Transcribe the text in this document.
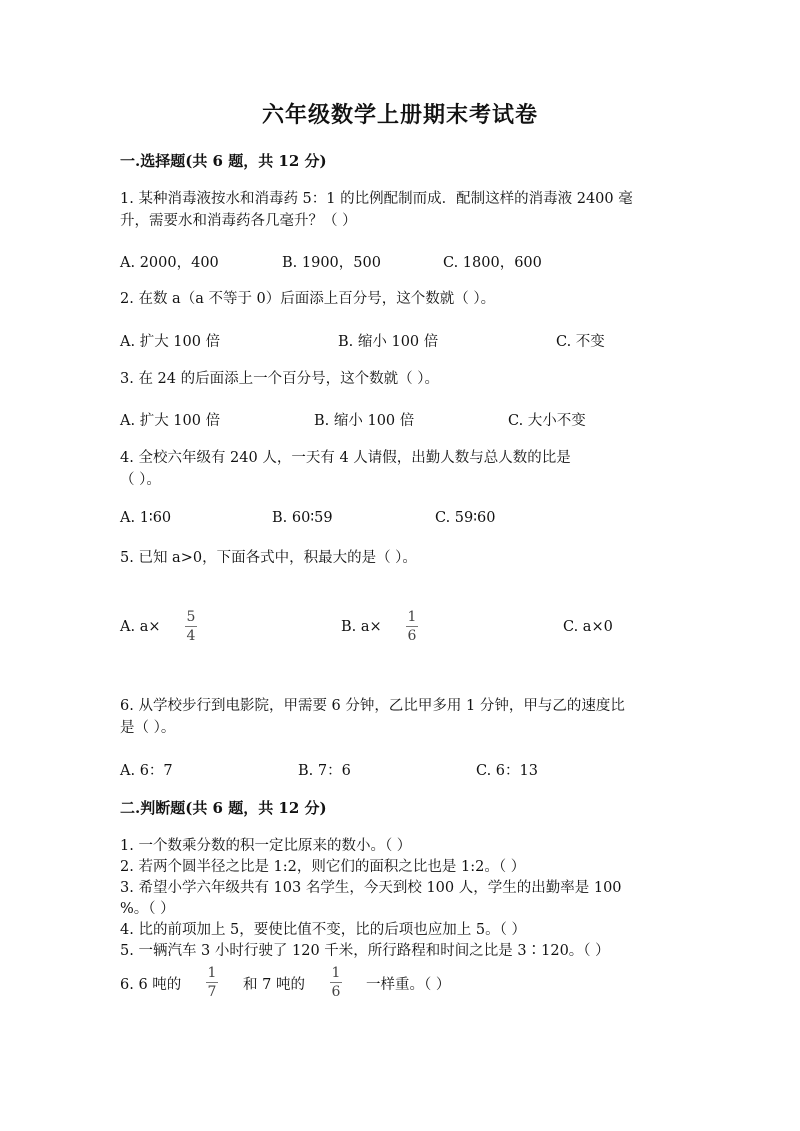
六年级数学上册期末考试卷
一.选择题(共 6 题，共 12 分)
1. 某种消毒液按水和消毒药 5：1 的比例配制而成．配制这样的消毒液 2400 毫
升，需要水和消毒药各几毫升？（ ）
A. 2000，400	B. 1900，500	C. 1800，600
2. 在数 a（a 不等于 0）后面添上百分号，这个数就（ ）。
A. 扩大 100 倍	B. 缩小 100 倍	C. 不变
3. 在 24 的后面添上一个百分号，这个数就（ ）。
A. 扩大 100 倍	B. 缩小 100 倍	C. 大小不变
4. 全校六年级有 240 人，一天有 4 人请假，出勤人数与总人数的比是
（ ）。
A. 1∶60	B. 60∶59	C. 59∶60
5. 已知 a>0，下面各式中，积最大的是（ ）。
A. a×
5
4
B. a×
1
6
C. a×0
6. 从学校步行到电影院，甲需要 6 分钟，乙比甲多用 1 分钟，甲与乙的速度比
是（ ）。
A. 6：7	B. 7：6	C. 6：13
二.判断题(共 6 题，共 12 分)
1. 一个数乘分数的积一定比原来的数小。（ ）
2. 若两个圆半径之比是 1:2，则它们的面积之比也是 1:2。（ ）
3. 希望小学六年级共有 103 名学生，今天到校 100 人，学生的出勤率是 100
%。（ ）
4. 比的前项加上 5，要使比值不变，比的后项也应加上 5。（ ）
5. 一辆汽车 3 小时行驶了 120 千米，所行路程和时间之比是 3∶120。（ ）
6. 6 吨的
1
7 和 7 吨的
1
6 一样重。（ ）
